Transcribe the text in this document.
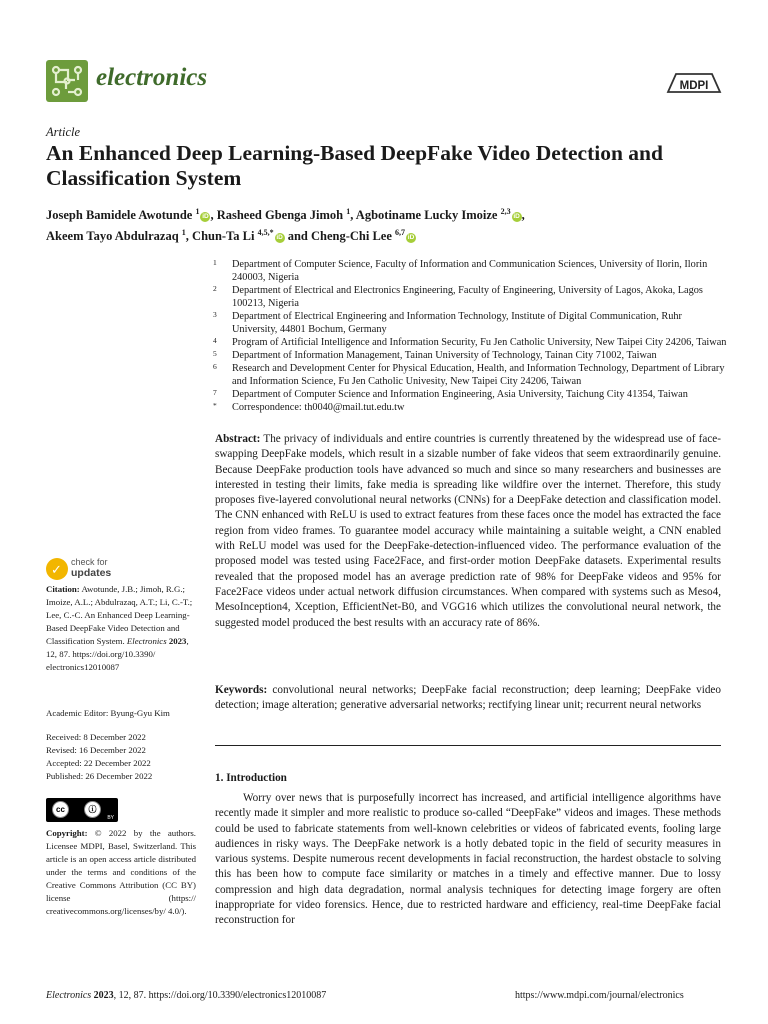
electronics	MDPI
Article
An Enhanced Deep Learning-Based DeepFake Video Detection and Classification System
Joseph Bamidele Awotunde $^1$iD , Rasheed Gbenga Jimoh $^1$, Agbotiname Lucky Imoize $^{2,3}$iD ,
Akeem Tayo Abdulrazaq $^1$, Chun-Ta Li $^{4,5,*}$iD and Cheng-Chi Lee $^{6,7}$iD
1 Department of Computer Science, Faculty of Information and Communication Sciences, University of Ilorin, Ilorin 240003, Nigeria
2 Department of Electrical and Electronics Engineering, Faculty of Engineering, University of Lagos, Akoka, Lagos 100213, Nigeria
3 Department of Electrical Engineering and Information Technology, Institute of Digital Communication, Ruhr University, 44801 Bochum, Germany
4 Program of Artificial Intelligence and Information Security, Fu Jen Catholic University, New Taipei City 24206, Taiwan
5 Department of Information Management, Tainan University of Technology, Tainan City 71002, Taiwan
6 Research and Development Center for Physical Education, Health, and Information Technology, Department of Library and Information Science, Fu Jen Catholic Univesity, New Taipei City 24206, Taiwan
7 Department of Computer Science and Information Engineering, Asia University, Taichung City 41354, Taiwan
* Correspondence: th0040@mail.tut.edu.tw
Abstract: The privacy of individuals and entire countries is currently threatened by the widespread use of face-swapping DeepFake models, which result in a sizable number of fake videos that seem extraordinarily genuine. Because DeepFake production tools have advanced so much and since so many researchers and businesses are interested in testing their limits, fake media is spreading like wildfire over the internet. Therefore, this study proposes five-layered convolutional neural networks (CNNs) for a DeepFake detection and classification model. The CNN enhanced with ReLU is used to extract features from these faces once the model has extracted the face region from video frames. To guarantee model accuracy while maintaining a suitable weight, a CNN enabled with ReLU model was used for the DeepFake-detection-influenced video. The performance evaluation of the proposed model was tested using Face2Face, and first-order motion DeepFake datasets. Experimental results revealed that the proposed model has an average prediction rate of 98% for DeepFake videos and 95% for Face2Face videos under actual network diffusion circumstances. When compared with systems such as Meso4, MesoInception4, Xception, EfficientNet-B0, and VGG16 which utilizes the convolutional neural network, the suggested model produced the best results with an accuracy rate of 86%.
Keywords: convolutional neural networks; DeepFake facial reconstruction; deep learning; DeepFake video detection; image alteration; generative adversarial networks; rectifying linear unit; recurrent neural networks
1. Introduction
Worry over news that is purposefully incorrect has increased, and artificial intelligence algorithms have recently made it simpler and more realistic to produce so-called “DeepFake” videos and images. These methods could be used to fabricate statements from well-known celebrities or videos of fabricated events, fooling large audiences in risky ways. The DeepFake network is a hotly debated topic in the field of security measures in various systems. Despite numerous recent developments in facial reconstruction, the hardest obstacle to solving this has been how to compute face similarity or matches in a timely and effective manner. Due to lossy compression and high data degradation, normal analysis techniques for detecting image forgery are often inappropriate for video forensics. Hence, due to restricted hardware and efficiency, real-time DeepFake facial reconstruction for
✓
check for
updates
Citation: Awotunde, J.B.; Jimoh, R.G.; Imoize, A.L.; Abdulrazaq, A.T.; Li, C.-T.; Lee, C.-C. An Enhanced Deep Learning-Based DeepFake Video Detection and Classification System. Electronics 2023, 12, 87. https://doi.org/10.3390/ electronics12010087
Academic Editor: Byung-Gyu Kim
Received: 8 December 2022
Revised: 16 December 2022
Accepted: 22 December 2022
Published: 26 December 2022
cc	ⓘ
BY
Copyright: © 2022 by the authors. Licensee MDPI, Basel, Switzerland. This article is an open access article distributed under the terms and conditions of the Creative Commons Attribution (CC BY) license (https:// creativecommons.org/licenses/by/ 4.0/).
Electronics 2023, 12, 87. https://doi.org/10.3390/electronics12010087	https://www.mdpi.com/journal/electronics
